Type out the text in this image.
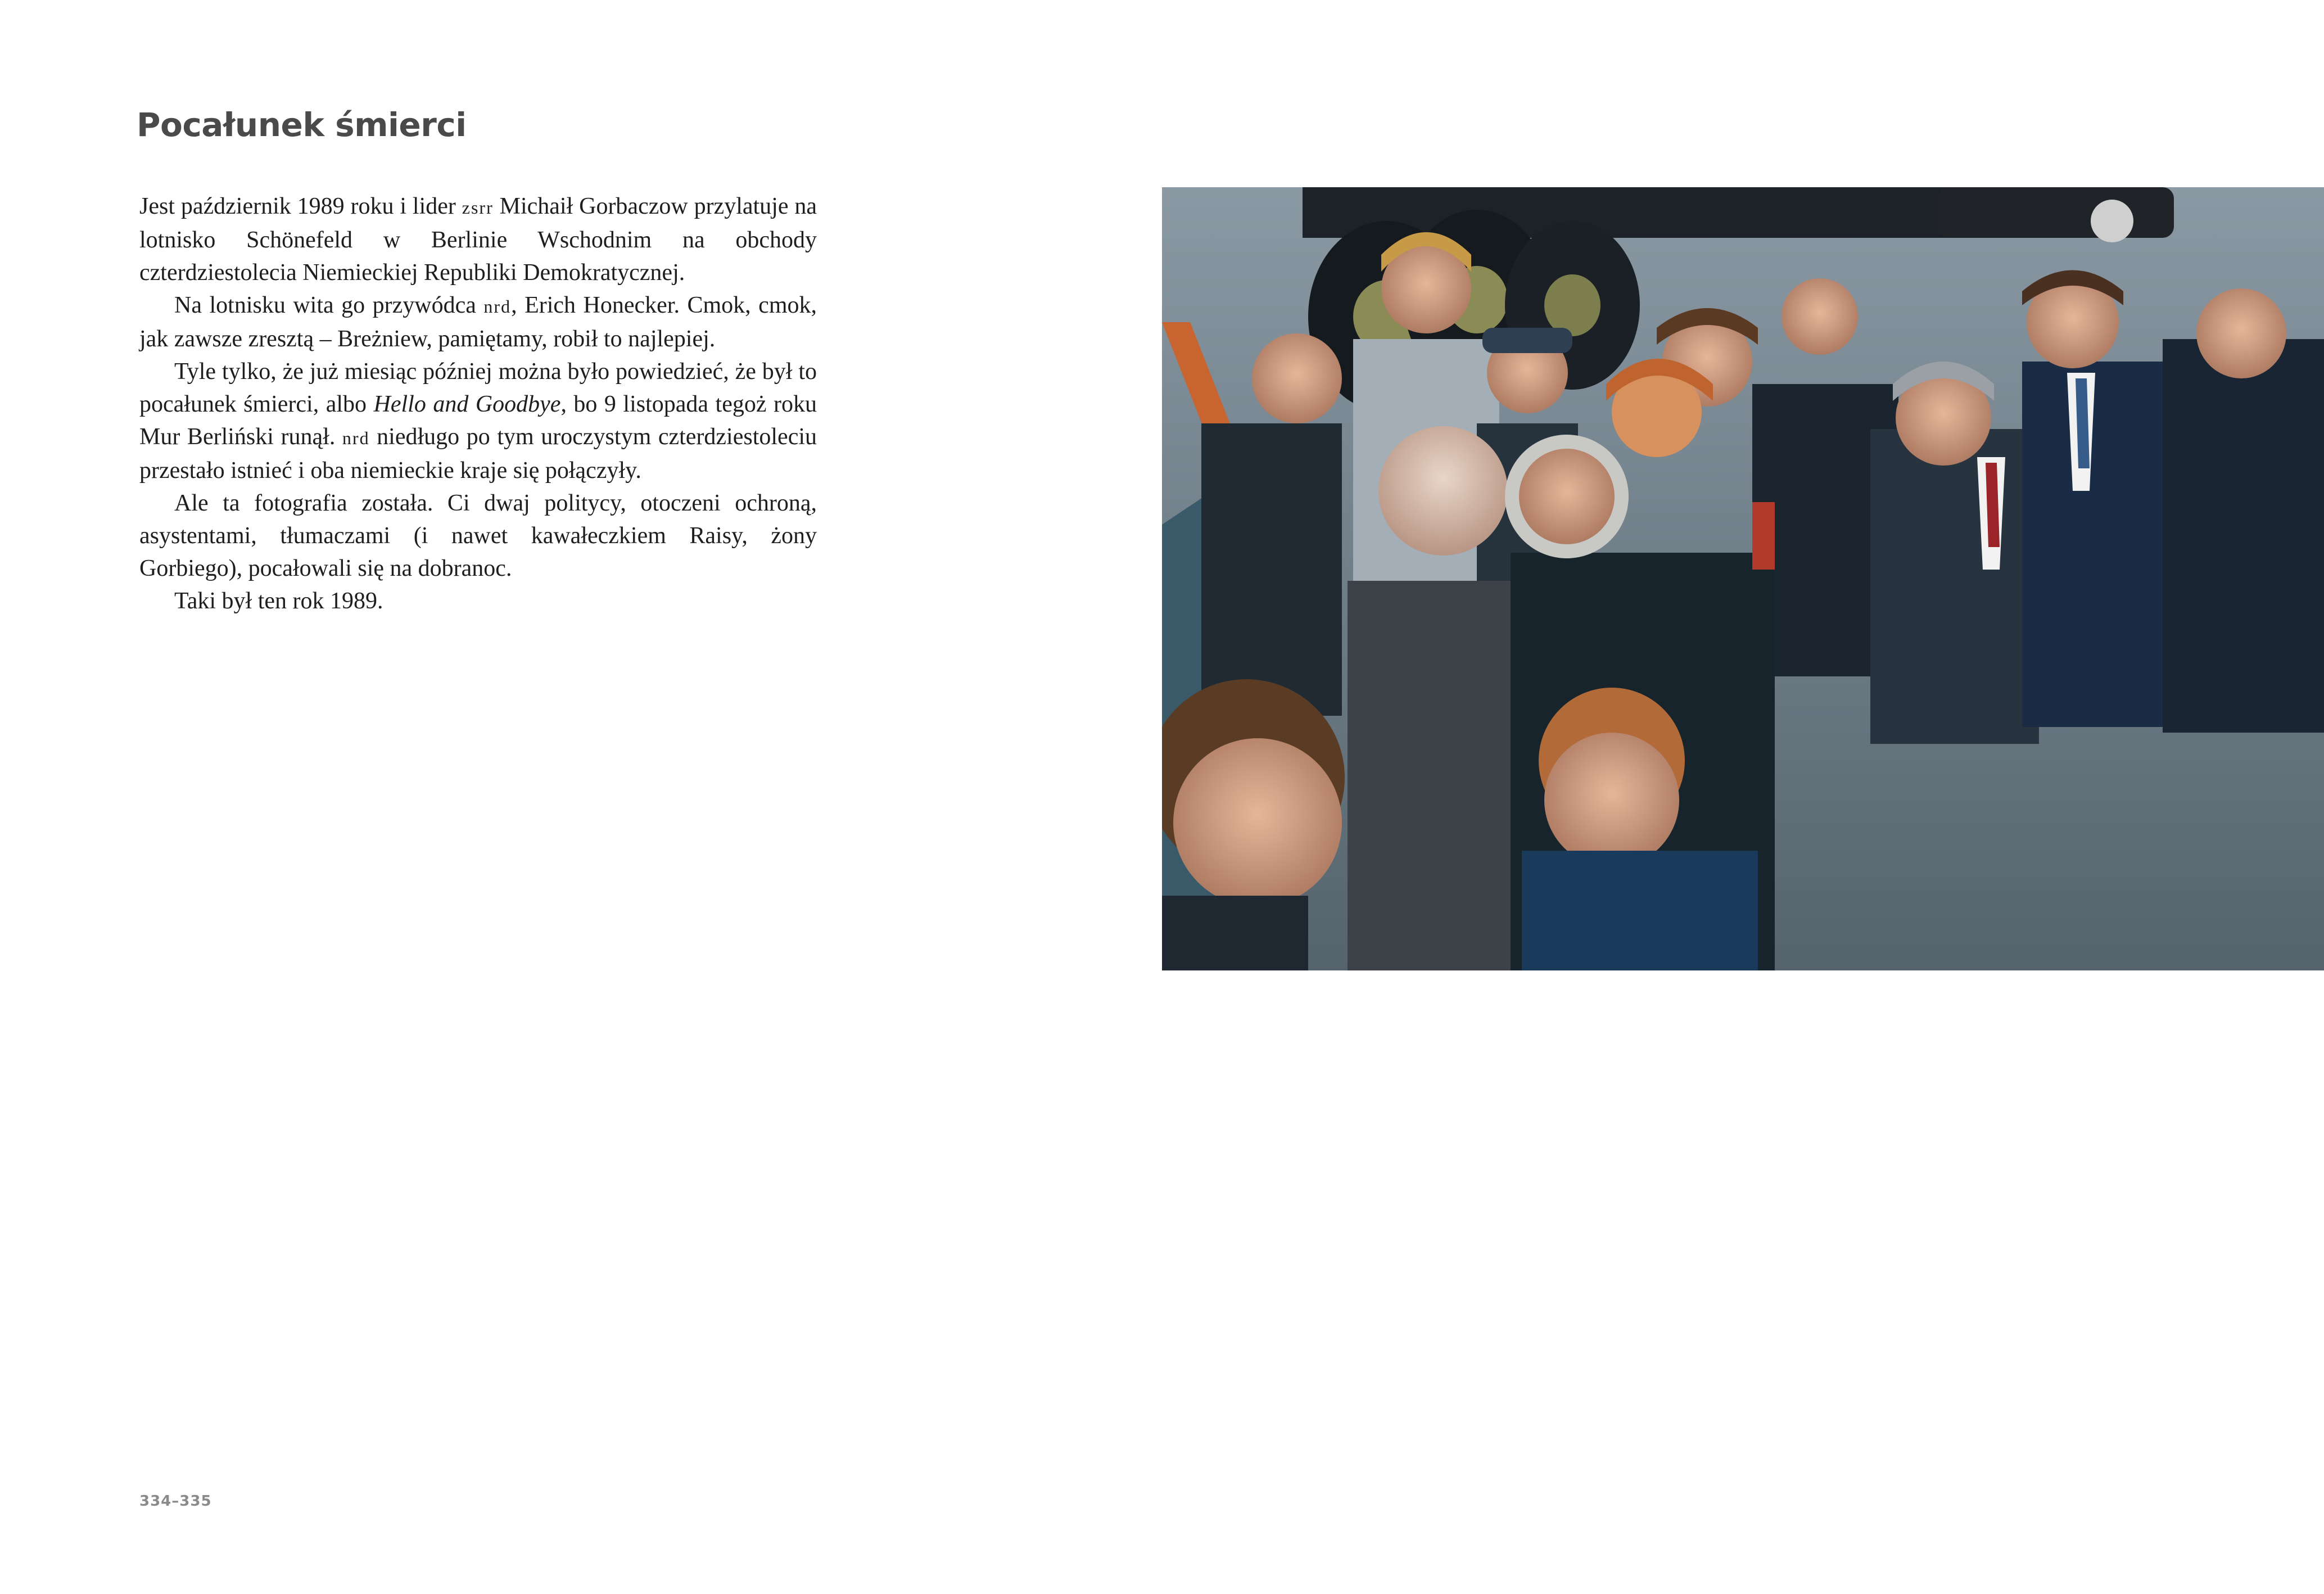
Pocałunek śmierci

Jest październik 1989 roku i lider zsrr Michaił Gorbaczow przylatuje na lotnisko Schönefeld w Berlinie Wschodnim na obchody czterdziestolecia Niemieckiej Republiki Demokratycznej.

Na lotnisku wita go przywódca nrd, Erich Honecker. Cmok, cmok, jak zawsze zresztą – Breżniew, pamiętamy, robił to najlepiej.

Tyle tylko, że już miesiąc później można było powiedzieć, że był to pocałunek śmierci, albo Hello and Goodbye, bo 9 listopada tegoż roku Mur Berliński runął. nrd niedługo po tym uroczystym czterdziestoleciu przestało istnieć i oba niemieckie kraje się połączyły.

Ale ta fotografia została. Ci dwaj politycy, otoczeni ochroną, asystentami, tłumaczami (i nawet kawałeczkiem Raisy, żony Gorbiego), pocałowali się na dobranoc.

Taki był ten rok 1989.

334–335
